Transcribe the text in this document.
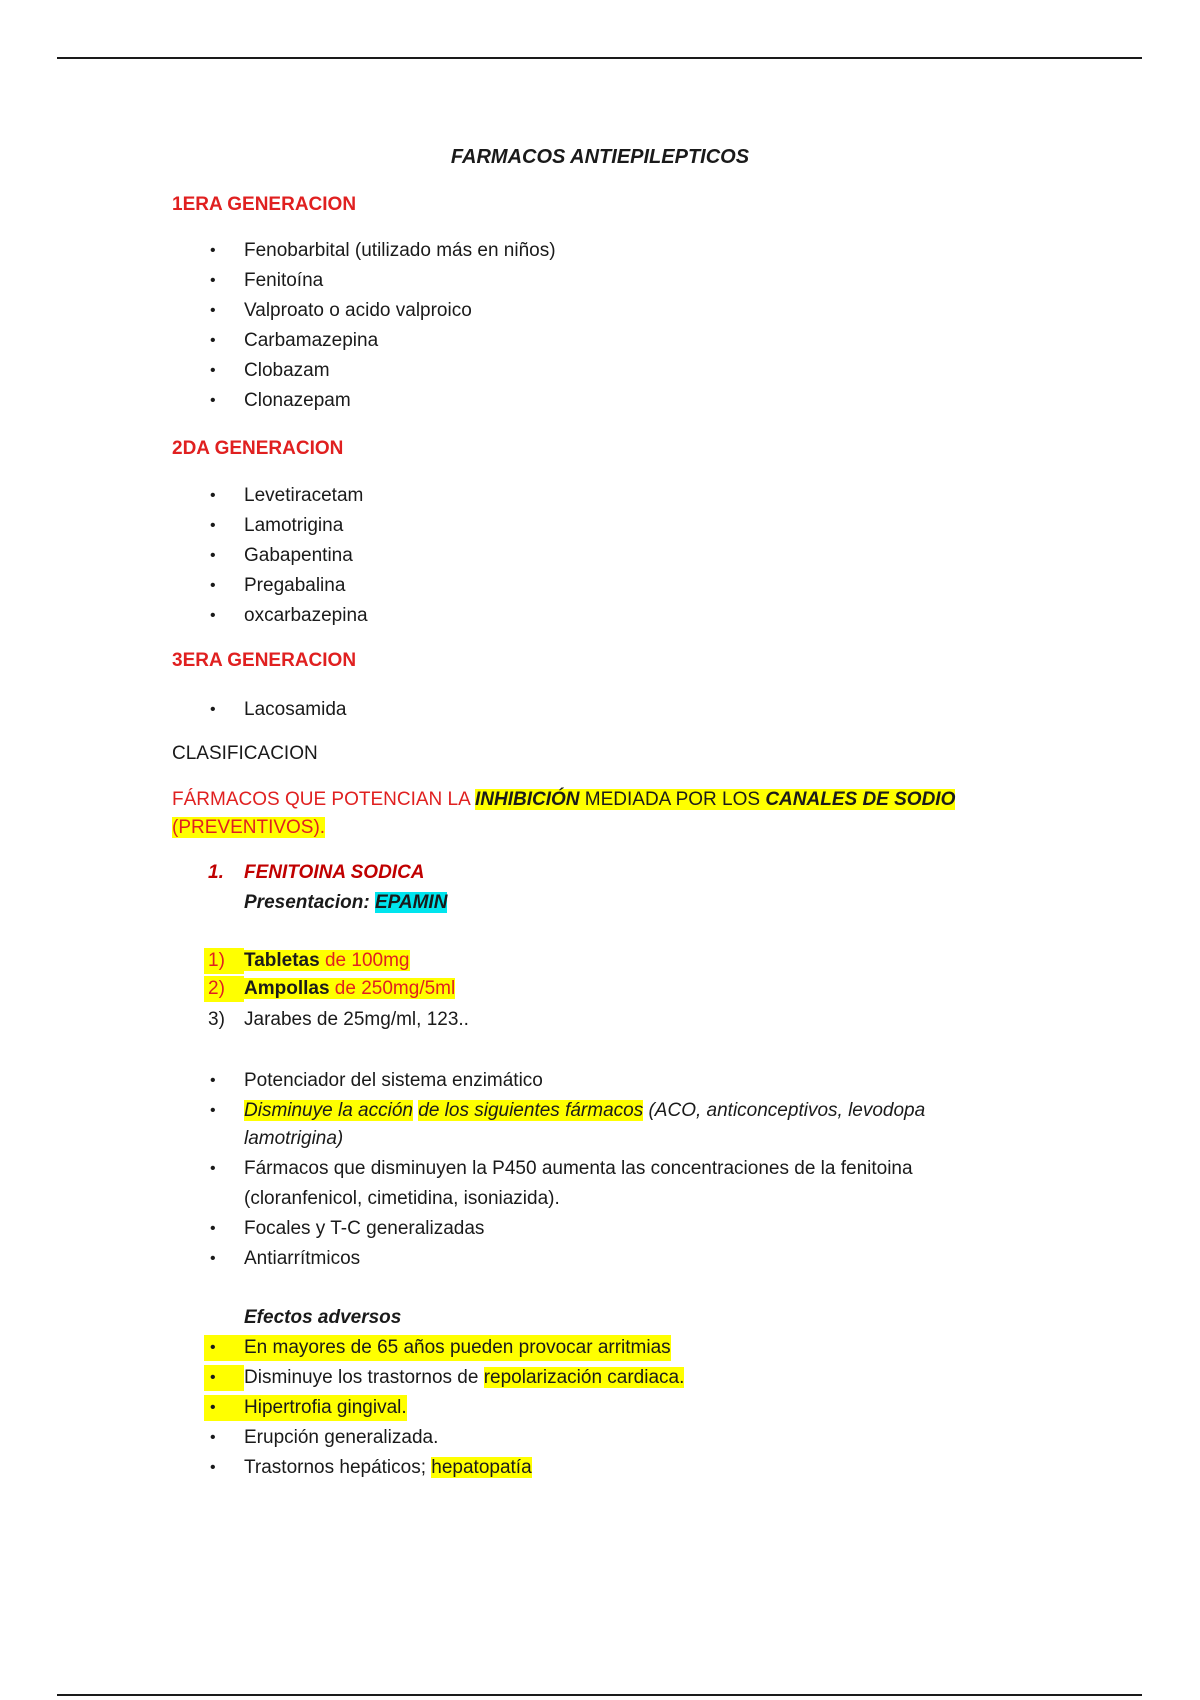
FARMACOS ANTIEPILEPTICOS
1ERA GENERACION
• Fenobarbital (utilizado más en niños)
• Fenitoína
• Valproato o acido valproico
• Carbamazepina
• Clobazam
• Clonazepam
2DA GENERACION
• Levetiracetam
• Lamotrigina
• Gabapentina
• Pregabalina
• oxcarbazepina
3ERA GENERACION
• Lacosamida
CLASIFICACION
FÁRMACOS QUE POTENCIAN LA INHIBICIÓN MEDIADA POR LOS CANALES DE SODIO
(PREVENTIVOS).
1. FENITOINA SODICA
Presentacion: EPAMIN
1) Tabletas de 100mg
2) Ampollas de 250mg/5ml
3) Jarabes de 25mg/ml, 123..
• Potenciador del sistema enzimático
• Disminuye la acción de los siguientes fármacos (ACO, anticonceptivos, levodopa
lamotrigina)
• Fármacos que disminuyen la P450 aumenta las concentraciones de la fenitoina
(cloranfenicol, cimetidina, isoniazida).
• Focales y T-C generalizadas
• Antiarrítmicos
Efectos adversos
• En mayores de 65 años pueden provocar arritmias
• Disminuye los trastornos de repolarización cardiaca.
• Hipertrofia gingival.
• Erupción generalizada.
• Trastornos hepáticos; hepatopatía
